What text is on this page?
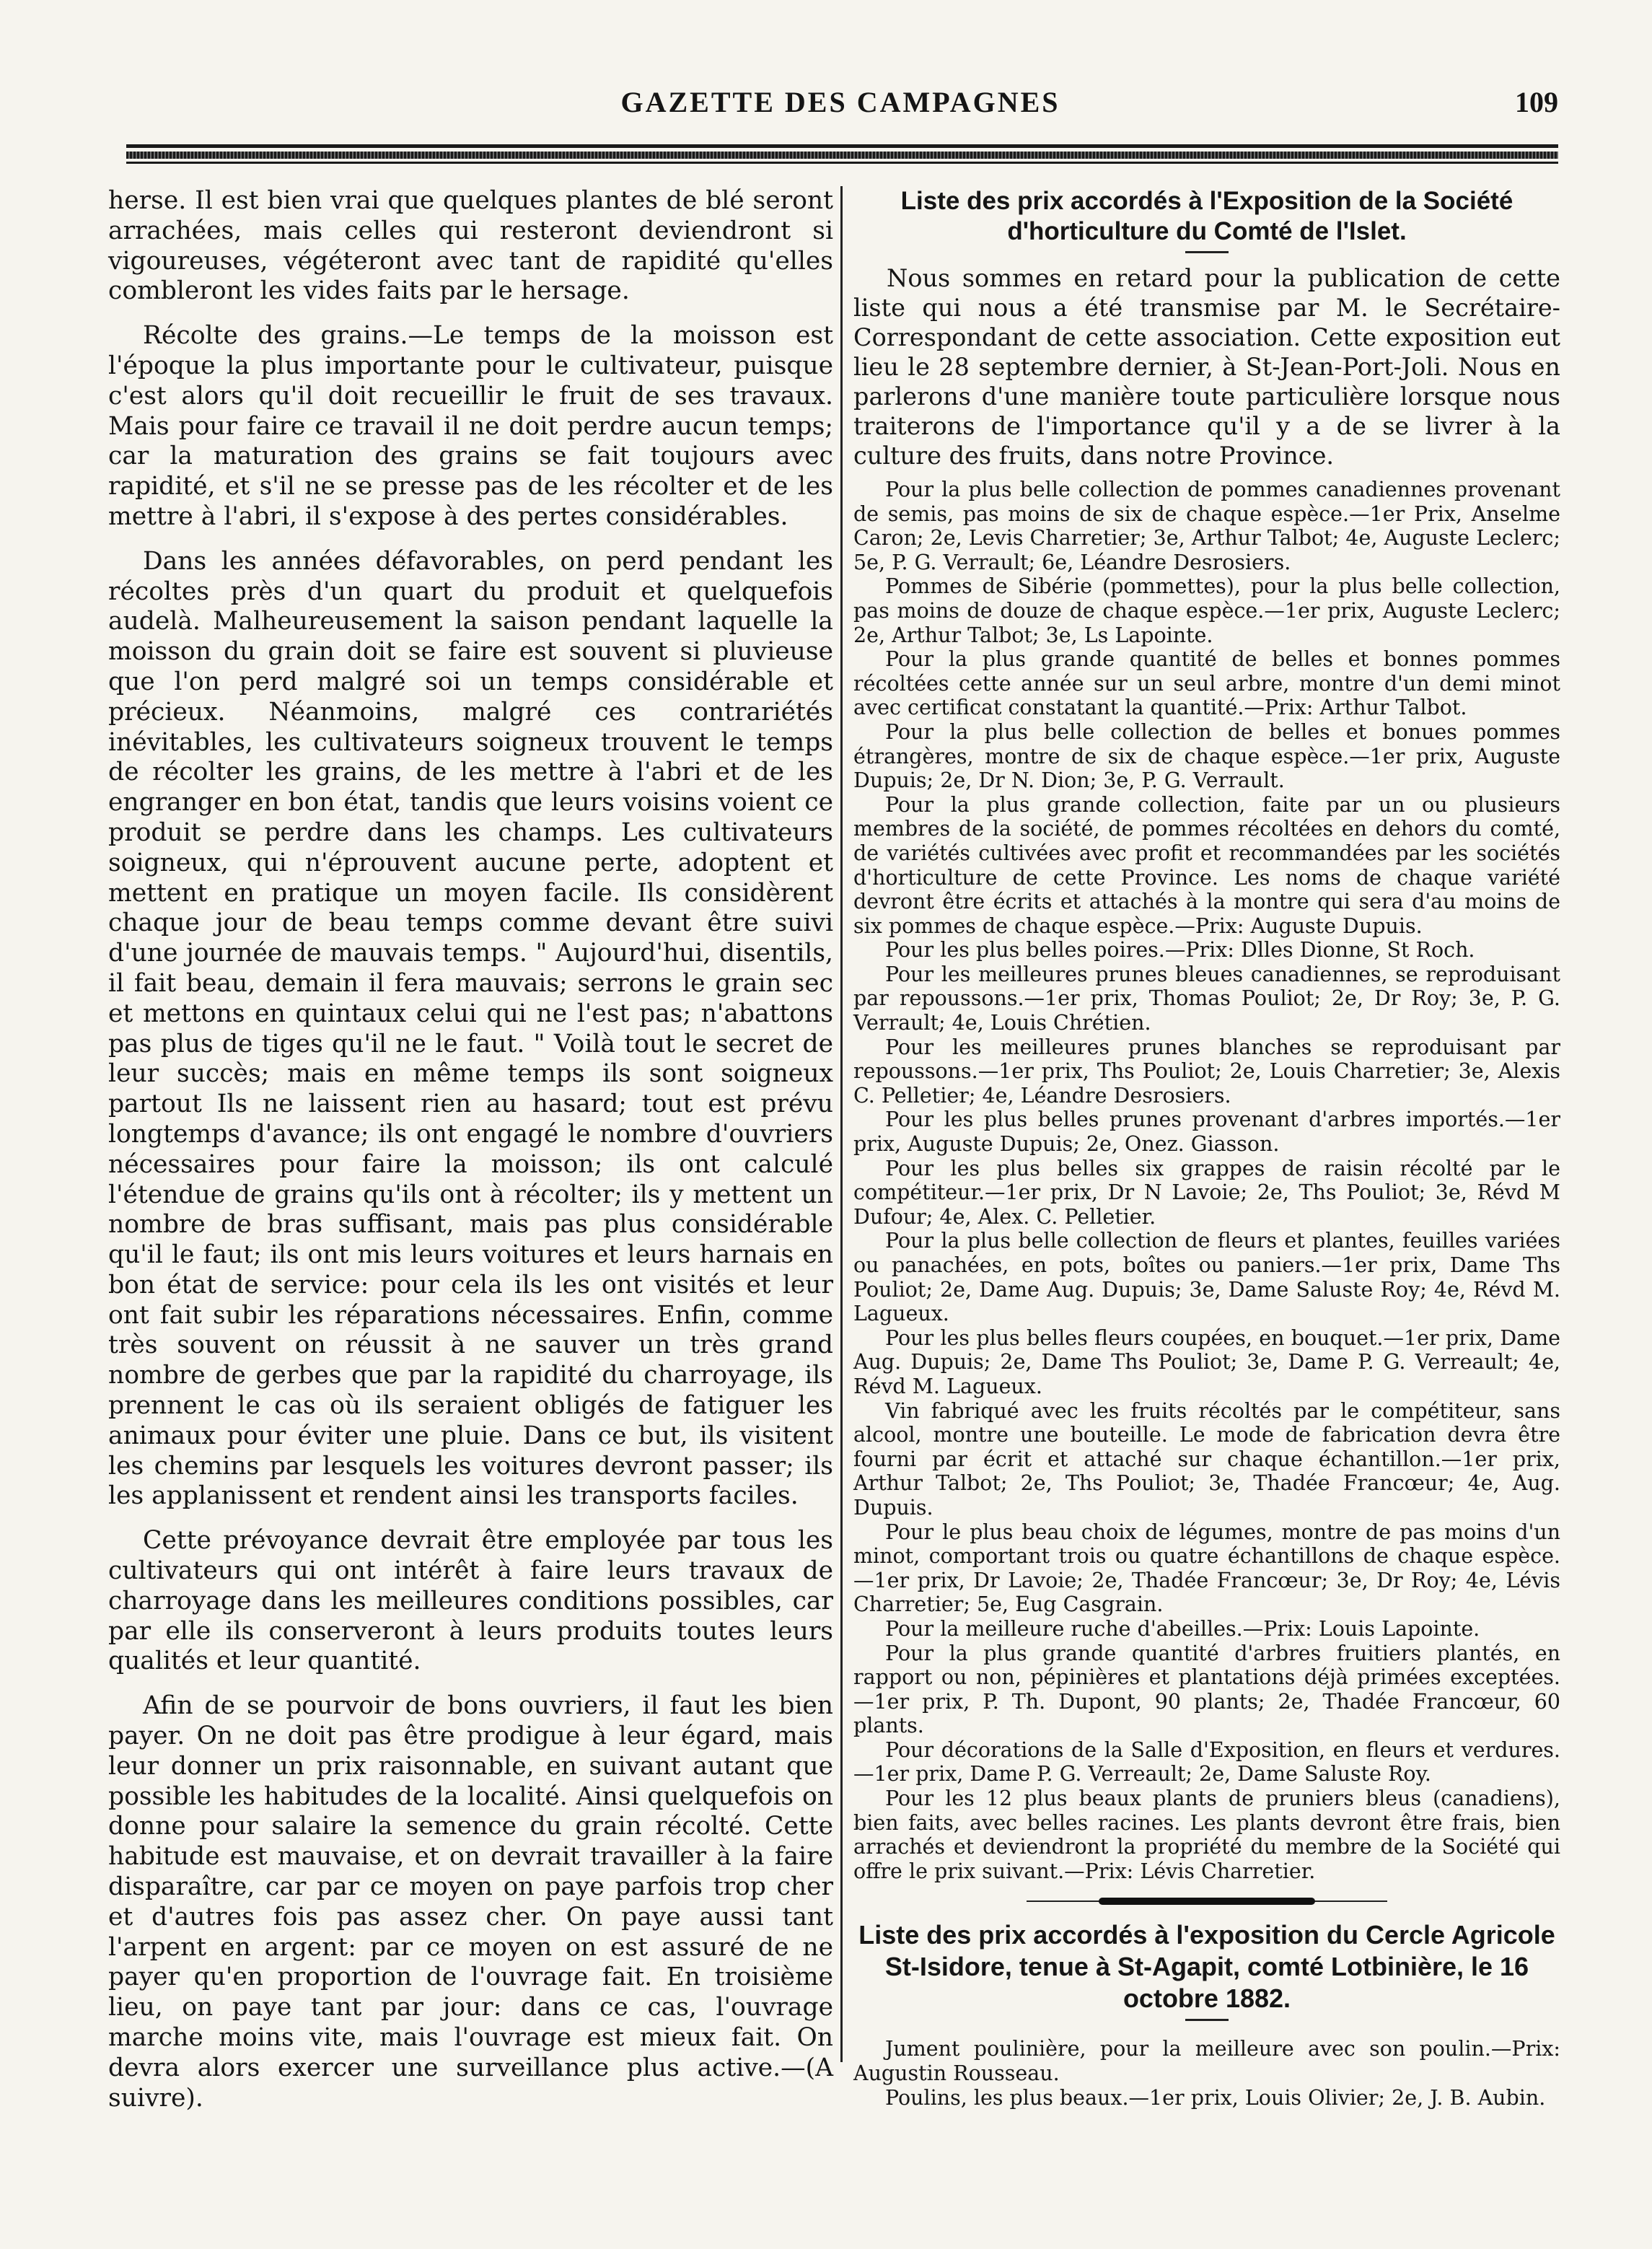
GAZETTE DES CAMPAGNES	109

herse. Il est bien vrai que quelques plantes de blé seront arrachées, mais celles qui resteront deviendront si vigoureuses, végéteront avec tant de rapidité qu'elles combleront les vides faits par le hersage.

Récolte des grains.—Le temps de la moisson est l'époque la plus importante pour le cultivateur, puisque c'est alors qu'il doit recueillir le fruit de ses travaux. Mais pour faire ce travail il ne doit perdre aucun temps; car la maturation des grains se fait toujours avec rapidité, et s'il ne se presse pas de les récolter et de les mettre à l'abri, il s'expose à des pertes considérables.

Dans les années défavorables, on perd pendant les récoltes près d'un quart du produit et quelquefois audelà. Malheureusement la saison pendant laquelle la moisson du grain doit se faire est souvent si pluvieuse que l'on perd malgré soi un temps considérable et précieux. Néanmoins, malgré ces contrariétés inévitables, les cultivateurs soigneux trouvent le temps de récolter les grains, de les mettre à l'abri et de les engranger en bon état, tandis que leurs voisins voient ce produit se perdre dans les champs. Les cultivateurs soigneux, qui n'éprouvent aucune perte, adoptent et mettent en pratique un moyen facile. Ils considèrent chaque jour de beau temps comme devant être suivi d'une journée de mauvais temps. " Aujourd'hui, disentils, il fait beau, demain il fera mauvais; serrons le grain sec et mettons en quintaux celui qui ne l'est pas; n'abattons pas plus de tiges qu'il ne le faut. " Voilà tout le secret de leur succès; mais en même temps ils sont soigneux partout Ils ne laissent rien au hasard; tout est prévu longtemps d'avance; ils ont engagé le nombre d'ouvriers nécessaires pour faire la moisson; ils ont calculé l'étendue de grains qu'ils ont à récolter; ils y mettent un nombre de bras suffisant, mais pas plus considérable qu'il le faut; ils ont mis leurs voitures et leurs harnais en bon état de service: pour cela ils les ont visités et leur ont fait subir les réparations nécessaires. Enfin, comme très souvent on réussit à ne sauver un très grand nombre de gerbes que par la rapidité du charroyage, ils prennent le cas où ils seraient obligés de fatiguer les animaux pour éviter une pluie. Dans ce but, ils visitent les chemins par lesquels les voitures devront passer; ils les applanissent et rendent ainsi les transports faciles.

Cette prévoyance devrait être employée par tous les cultivateurs qui ont intérêt à faire leurs travaux de charroyage dans les meilleures conditions possibles, car par elle ils conserveront à leurs produits toutes leurs qualités et leur quantité.

Afin de se pourvoir de bons ouvriers, il faut les bien payer. On ne doit pas être prodigue à leur égard, mais leur donner un prix raisonnable, en suivant autant que possible les habitudes de la localité. Ainsi quelquefois on donne pour salaire la semence du grain récolté. Cette habitude est mauvaise, et on devrait travailler à la faire disparaître, car par ce moyen on paye parfois trop cher et d'autres fois pas assez cher. On paye aussi tant l'arpent en argent: par ce moyen on est assuré de ne payer qu'en proportion de l'ouvrage fait. En troisième lieu, on paye tant par jour: dans ce cas, l'ouvrage marche moins vite, mais l'ouvrage est mieux fait. On devra alors exercer une surveillance plus active.—(A suivre).

Liste des prix accordés à l'Exposition de la Société d'horticulture du Comté de l'Islet.

Nous sommes en retard pour la publication de cette liste qui nous a été transmise par M. le Secrétaire-Correspondant de cette association. Cette exposition eut lieu le 28 septembre dernier, à St-Jean-Port-Joli. Nous en parlerons d'une manière toute particulière lorsque nous traiterons de l'importance qu'il y a de se livrer à la culture des fruits, dans notre Province.

Pour la plus belle collection de pommes canadiennes provenant de semis, pas moins de six de chaque espèce.—1er Prix, Anselme Caron; 2e, Levis Charretier; 3e, Arthur Talbot; 4e, Auguste Leclerc; 5e, P. G. Verrault; 6e, Léandre Desrosiers.

Pommes de Sibérie (pommettes), pour la plus belle collection, pas moins de douze de chaque espèce.—1er prix, Auguste Leclerc; 2e, Arthur Talbot; 3e, Ls Lapointe.

Pour la plus grande quantité de belles et bonnes pommes récoltées cette année sur un seul arbre, montre d'un demi minot avec certificat constatant la quantité.—Prix: Arthur Talbot.

Pour la plus belle collection de belles et bonues pommes étrangères, montre de six de chaque espèce.—1er prix, Auguste Dupuis; 2e, Dr N. Dion; 3e, P. G. Verrault.

Pour la plus grande collection, faite par un ou plusieurs membres de la société, de pommes récoltées en dehors du comté, de variétés cultivées avec profit et recommandées par les sociétés d'horticulture de cette Province. Les noms de chaque variété devront être écrits et attachés à la montre qui sera d'au moins de six pommes de chaque espèce.—Prix: Auguste Dupuis.

Pour les plus belles poires.—Prix: Dlles Dionne, St Roch.

Pour les meilleures prunes bleues canadiennes, se reproduisant par repoussons.—1er prix, Thomas Pouliot; 2e, Dr Roy; 3e, P. G. Verrault; 4e, Louis Chrétien.

Pour les meilleures prunes blanches se reproduisant par repoussons.—1er prix, Ths Pouliot; 2e, Louis Charretier; 3e, Alexis C. Pelletier; 4e, Léandre Desrosiers.

Pour les plus belles prunes provenant d'arbres importés.—1er prix, Auguste Dupuis; 2e, Onez. Giasson.

Pour les plus belles six grappes de raisin récolté par le compétiteur.—1er prix, Dr N Lavoie; 2e, Ths Pouliot; 3e, Révd M Dufour; 4e, Alex. C. Pelletier.

Pour la plus belle collection de fleurs et plantes, feuilles variées ou panachées, en pots, boîtes ou paniers.—1er prix, Dame Ths Pouliot; 2e, Dame Aug. Dupuis; 3e, Dame Saluste Roy; 4e, Révd M. Lagueux.

Pour les plus belles fleurs coupées, en bouquet.—1er prix, Dame Aug. Dupuis; 2e, Dame Ths Pouliot; 3e, Dame P. G. Verreault; 4e, Révd M. Lagueux.

Vin fabriqué avec les fruits récoltés par le compétiteur, sans alcool, montre une bouteille. Le mode de fabrication devra être fourni par écrit et attaché sur chaque échantillon.—1er prix, Arthur Talbot; 2e, Ths Pouliot; 3e, Thadée Francœur; 4e, Aug. Dupuis.

Pour le plus beau choix de légumes, montre de pas moins d'un minot, comportant trois ou quatre échantillons de chaque espèce.—1er prix, Dr Lavoie; 2e, Thadée Francœur; 3e, Dr Roy; 4e, Lévis Charretier; 5e, Eug Casgrain.

Pour la meilleure ruche d'abeilles.—Prix: Louis Lapointe.

Pour la plus grande quantité d'arbres fruitiers plantés, en rapport ou non, pépinières et plantations déjà primées exceptées.—1er prix, P. Th. Dupont, 90 plants; 2e, Thadée Francœur, 60 plants.

Pour décorations de la Salle d'Exposition, en fleurs et verdures.—1er prix, Dame P. G. Verreault; 2e, Dame Saluste Roy.

Pour les 12 plus beaux plants de pruniers bleus (canadiens), bien faits, avec belles racines. Les plants devront être frais, bien arrachés et deviendront la propriété du membre de la Société qui offre le prix suivant.—Prix: Lévis Charretier.

Liste des prix accordés à l'exposition du Cercle Agricole St-Isidore, tenue à St-Agapit, comté Lotbinière, le 16 octobre 1882.

Jument poulinière, pour la meilleure avec son poulin.—Prix: Augustin Rousseau.

Poulins, les plus beaux.—1er prix, Louis Olivier; 2e, J. B. Aubin.
